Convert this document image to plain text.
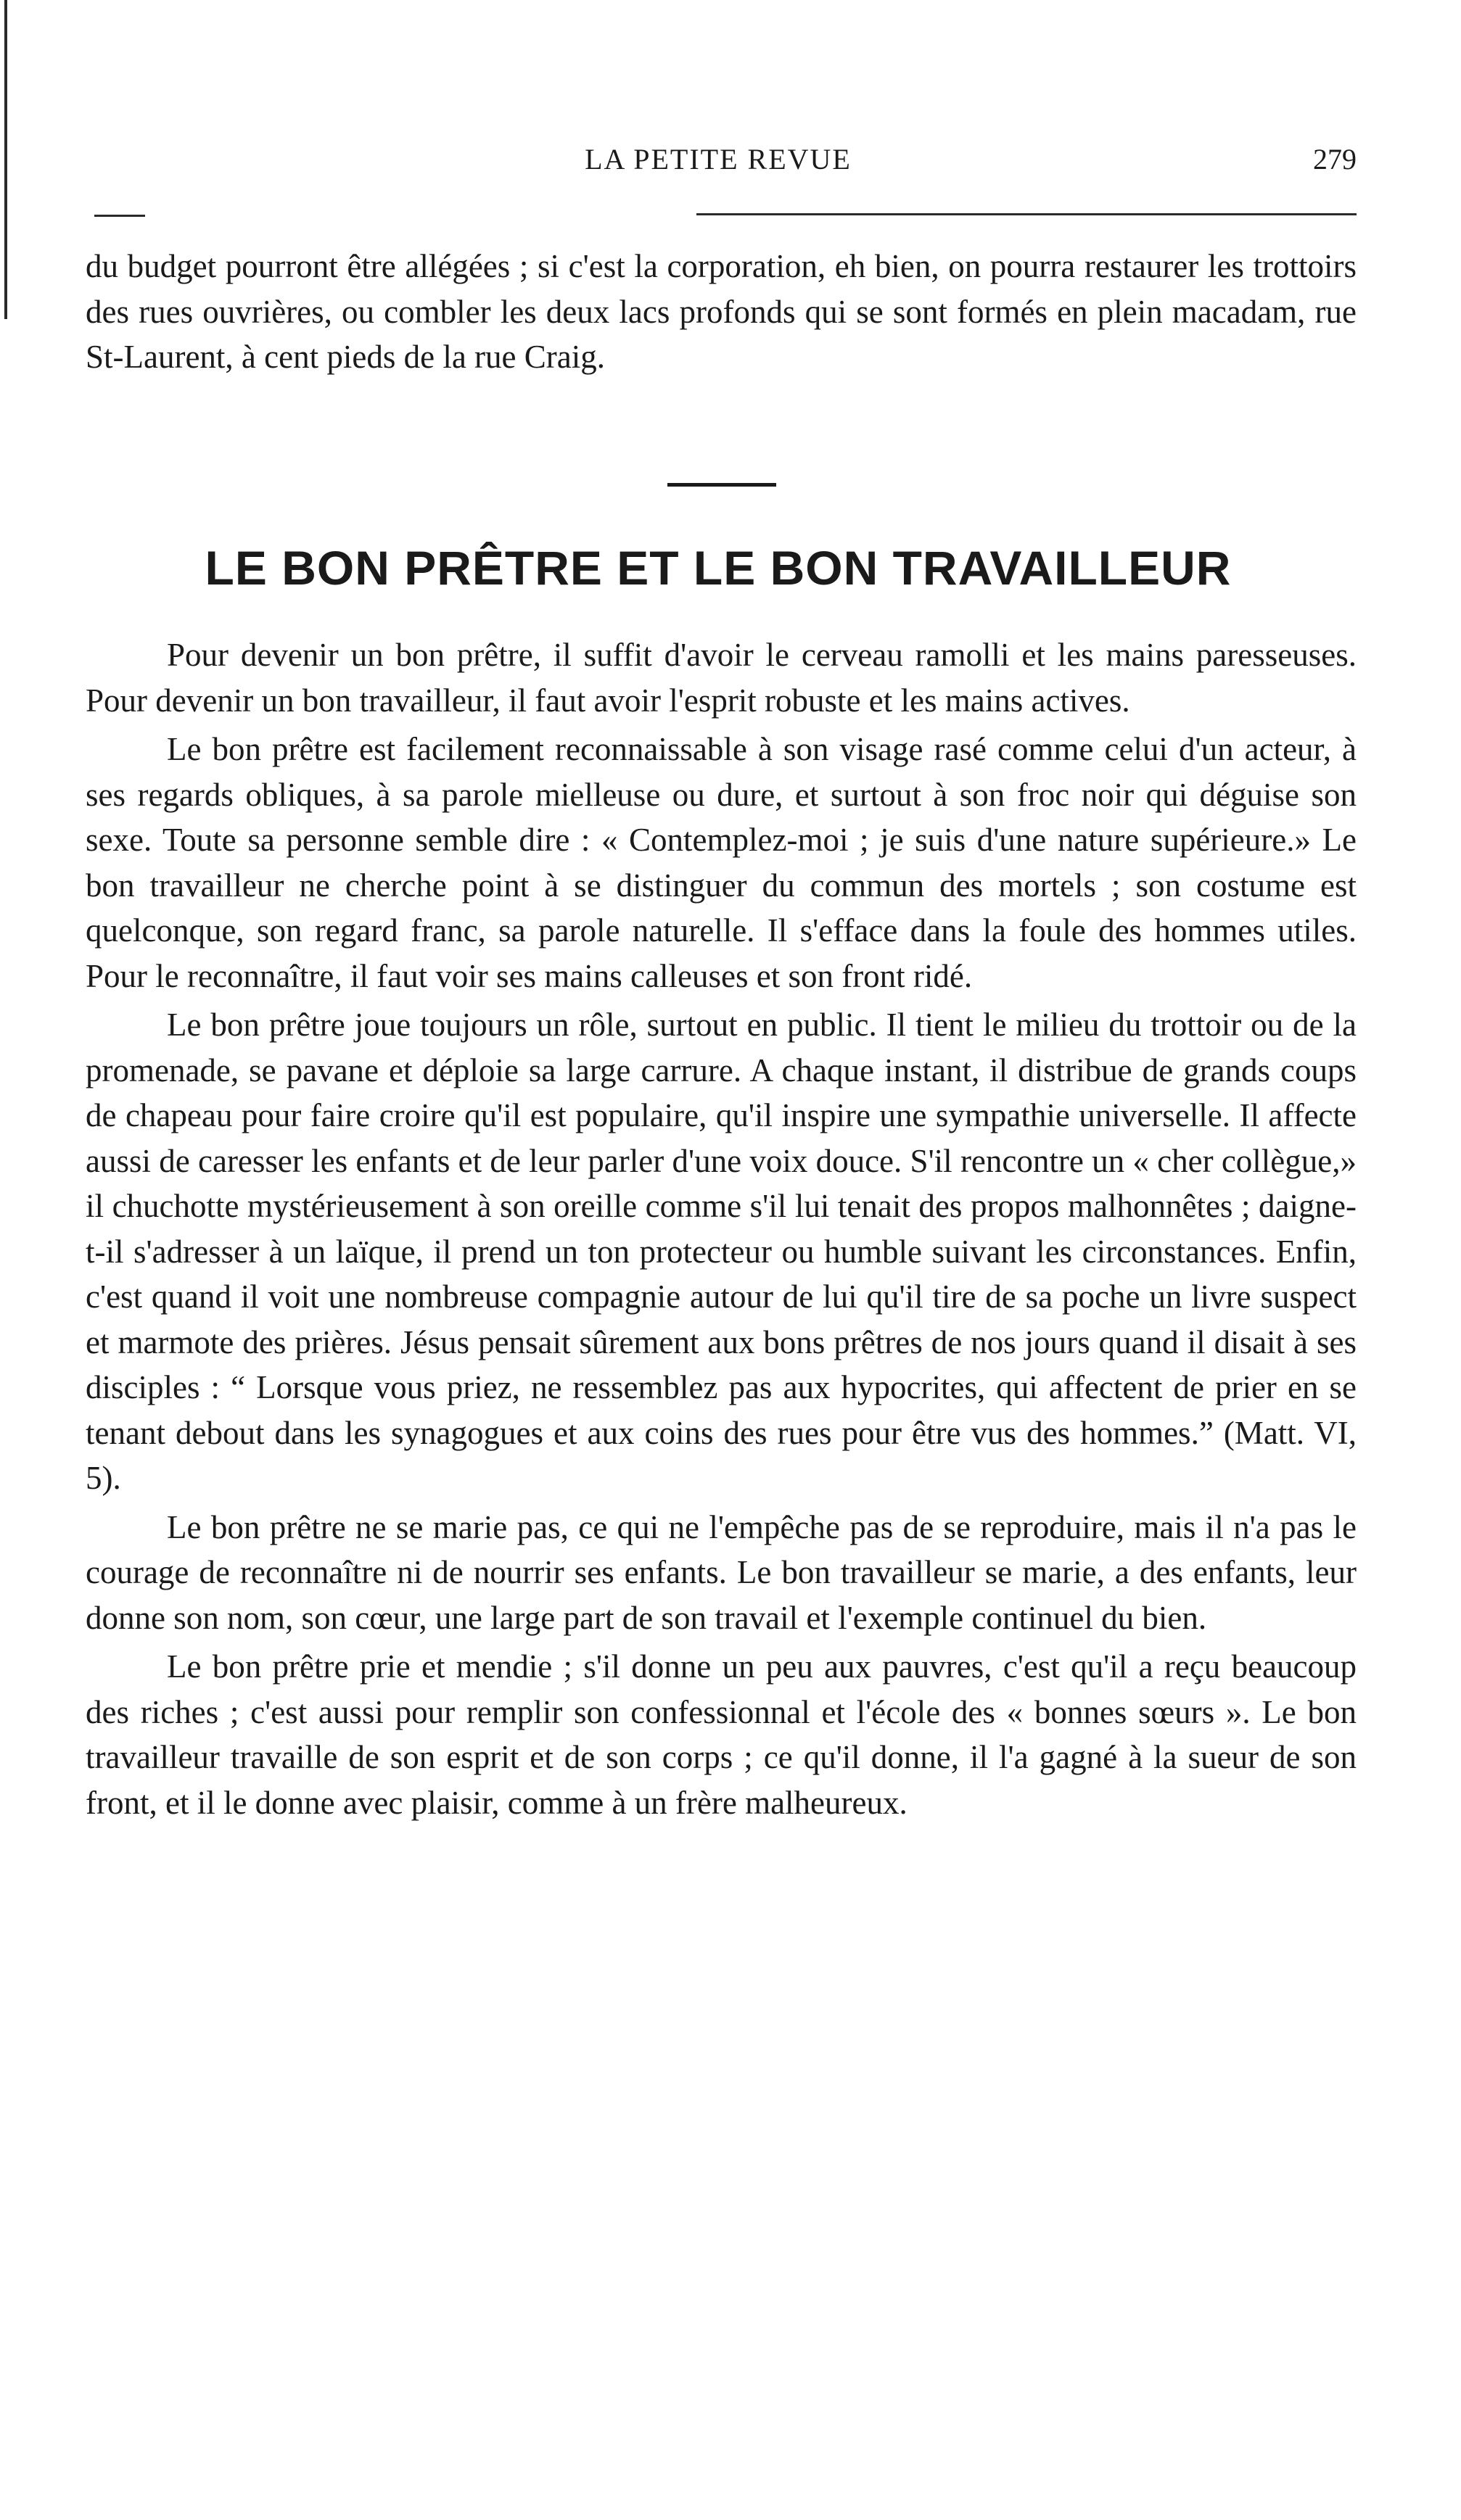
LA PETITE REVUE	279

du budget pourront être allégées ; si c'est la corporation, eh bien, on pourra restaurer les trottoirs des rues ouvrières, ou combler les deux lacs profonds qui se sont formés en plein macadam, rue St-Laurent, à cent pieds de la rue Craig.

LE BON PRÊTRE ET LE BON TRAVAILLEUR

Pour devenir un bon prêtre, il suffit d'avoir le cerveau ramolli et les mains paresseuses. Pour devenir un bon travailleur, il faut avoir l'esprit robuste et les mains actives.

Le bon prêtre est facilement reconnaissable à son visage rasé comme celui d'un acteur, à ses regards obliques, à sa parole mielleuse ou dure, et surtout à son froc noir qui déguise son sexe. Toute sa personne semble dire : « Contemplez-moi ; je suis d'une nature supérieure.» Le bon travailleur ne cherche point à se distinguer du commun des mortels ; son costume est quelconque, son regard franc, sa parole naturelle. Il s'efface dans la foule des hommes utiles. Pour le reconnaître, il faut voir ses mains calleuses et son front ridé.

Le bon prêtre joue toujours un rôle, surtout en public. Il tient le milieu du trottoir ou de la promenade, se pavane et déploie sa large carrure. A chaque instant, il distribue de grands coups de chapeau pour faire croire qu'il est populaire, qu'il inspire une sympathie universelle. Il affecte aussi de caresser les enfants et de leur parler d'une voix douce. S'il rencontre un « cher collègue,» il chuchotte mystérieusement à son oreille comme s'il lui tenait des propos malhonnêtes ; daigne-t-il s'adresser à un laïque, il prend un ton protecteur ou humble suivant les circonstances. Enfin, c'est quand il voit une nombreuse compagnie autour de lui qu'il tire de sa poche un livre suspect et marmote des prières. Jésus pensait sûrement aux bons prêtres de nos jours quand il disait à ses disciples : “ Lorsque vous priez, ne ressemblez pas aux hypocrites, qui affectent de prier en se tenant debout dans les synagogues et aux coins des rues pour être vus des hommes.” (Matt. VI, 5).

Le bon prêtre ne se marie pas, ce qui ne l'empêche pas de se reproduire, mais il n'a pas le courage de reconnaître ni de nourrir ses enfants. Le bon travailleur se marie, a des enfants, leur donne son nom, son cœur, une large part de son travail et l'exemple continuel du bien.

Le bon prêtre prie et mendie ; s'il donne un peu aux pauvres, c'est qu'il a reçu beaucoup des riches ; c'est aussi pour remplir son confessionnal et l'école des « bonnes sœurs ». Le bon travailleur travaille de son esprit et de son corps ; ce qu'il donne, il l'a gagné à la sueur de son front, et il le donne avec plaisir, comme à un frère malheureux.
